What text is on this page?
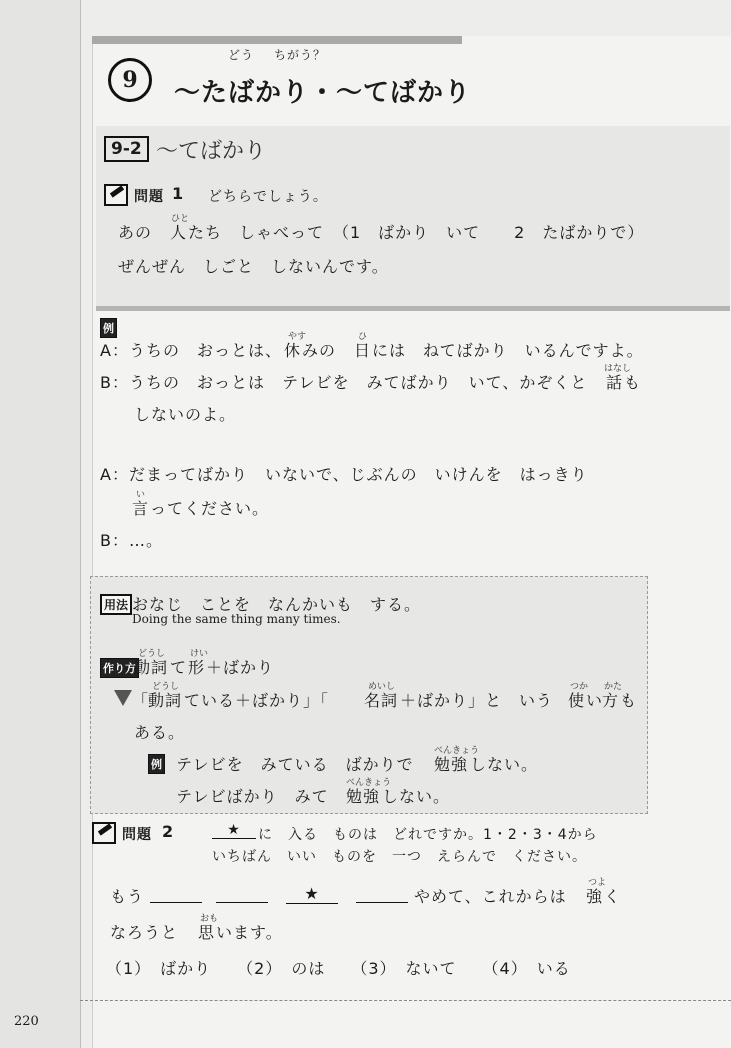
9
どう ちがう？
～たばかり・～てばかり
9-2 ～てばかり
問題 1 どちらでしょう。
あの
ひと
人 たち　しゃべって　（1　ばかり　いて　　2　たばかりで）
ぜんぜん　しごと　しないんです。
例
A：うちの　おっとは、
やす
休 みの　
ひ
日 には　ねてばかり　いるんですよ。
B：うちの　おっとは　テレビを　みてばかり　いて、かぞくと　
はなし
話 も
しないのよ。
A：だまってばかり　いないで、じぶんの　いけんを　はっきり
い
言 ってください。
B：…。
用法 おなじ　ことを　なんかいも　する。
Doing the same thing many times.
作り方
どうし
動詞 て
けい
形 ＋ばかり
「
どうし
動詞 ている＋ばかり」「
めいし
名詞 ＋ばかり」と　いう　
つか
使 い
かた
方 も
ある。
例 テレビを　みている　ばかりで　
べんきょう
勉強 しない。
テレビばかり　みて　
べんきょう
勉強 しない。
問題 2	★	に　入る　ものは　どれですか。1・2・3・4から
いちばん　いい　ものを　一つ　えらんで　ください。
もう	★	やめて、これからは　
つよ
強 く
なろうと　
おも
思 います。
（1）　ばかり　　（2）　のは　　（3）　ないて　　（4）　いる
220
